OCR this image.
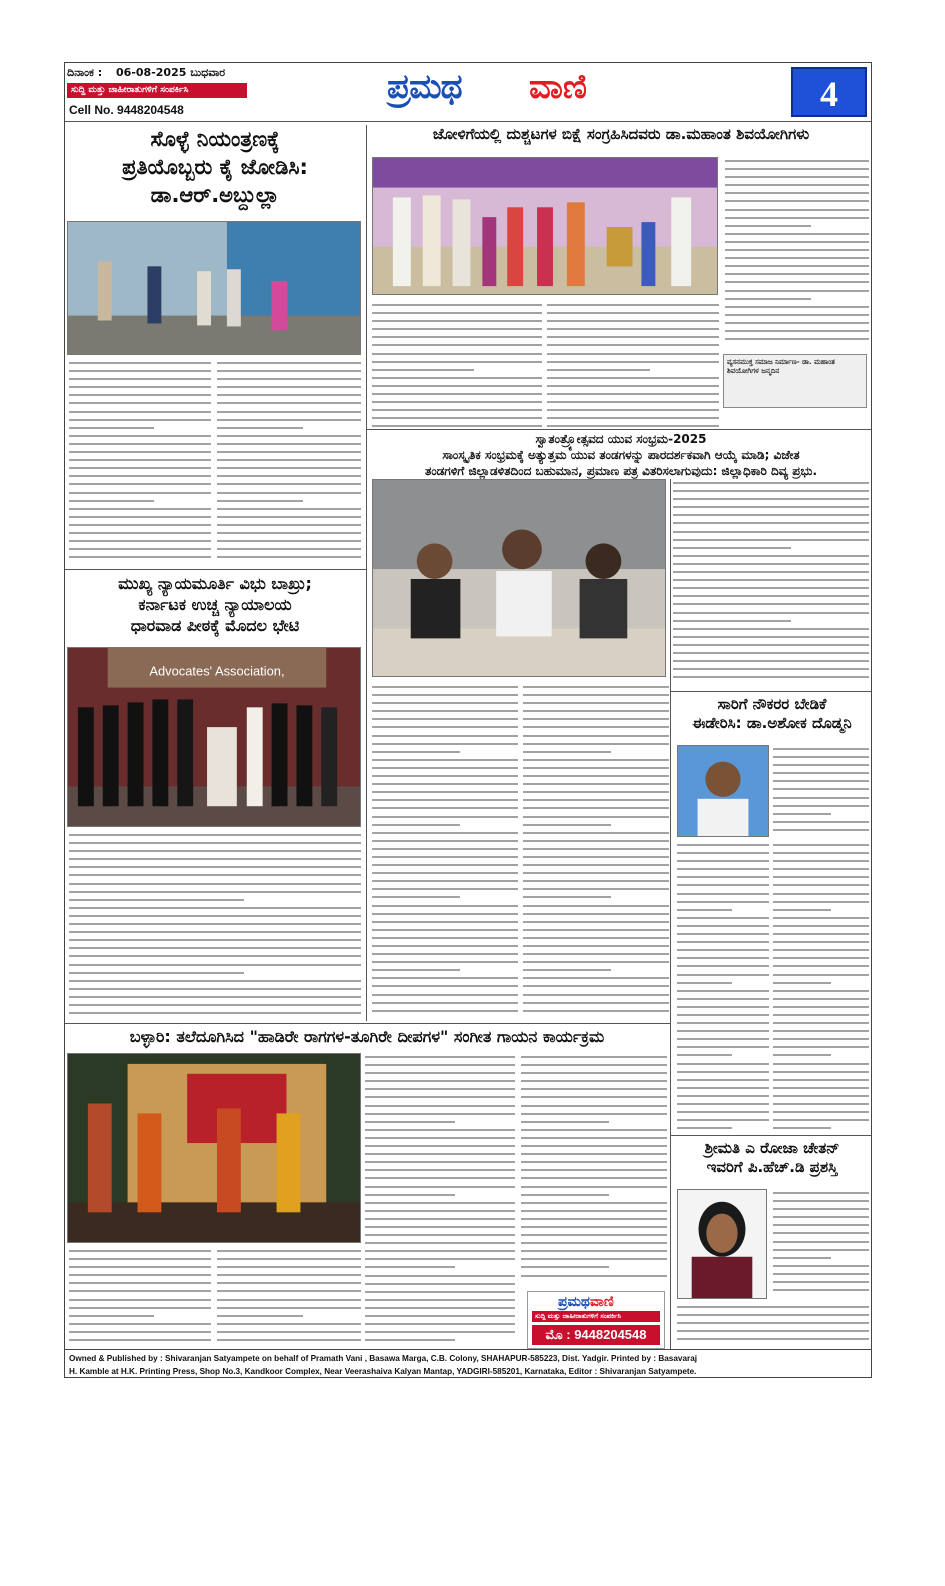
ದಿನಾಂಕ : 06-08-2025 ಬುಧವಾರ
ಸುದ್ದಿ ಮತ್ತು ಜಾಹೀರಾತುಗಳಿಗೆ ಸಂಪರ್ಕಿಸಿ
Cell No. 9448204548
ಪ್ರಮಥ ವಾಣಿ	4
ಸೊಳ್ಳೆ ನಿಯಂತ್ರಣಕ್ಕೆ
ಪ್ರತಿಯೊಬ್ಬರು ಕೈ ಜೋಡಿಸಿ:
ಡಾ.ಆರ್.ಅಬ್ದುಲ್ಲಾ
ಜೋಳಿಗೆಯಲ್ಲಿ ದುಶ್ಚಟಗಳ ಬಿಕ್ಷೆ ಸಂಗ್ರಹಿಸಿದವರು ಡಾ.ಮಹಾಂತ ಶಿವಯೋಗಿಗಳು
ವ್ಯಸನಮುಕ್ತ ಸಮಾಜ ನಿರ್ಮಾಣ- ಡಾ. ಮಹಾಂತ ಶಿವಯೋಗಿಗಳ ಜನ್ಮದಿನ
ಸ್ವಾತಂತ್ರ್ಯೋತ್ಸವದ ಯುವ ಸಂಭ್ರಮ-2025
ಸಾಂಸ್ಕೃತಿಕ ಸಂಭ್ರಮಕ್ಕೆ ಅತ್ಯುತ್ತಮ ಯುವ ತಂಡಗಳನ್ನು ಪಾರದರ್ಶಕವಾಗಿ ಆಯ್ಕೆ ಮಾಡಿ; ವಿಜೇತ
ತಂಡಗಳಿಗೆ ಜಿಲ್ಲಾಡಳಿತದಿಂದ ಬಹುಮಾನ, ಪ್ರಮಾಣ ಪತ್ರ ವಿತರಿಸಲಾಗುವುದು: ಜಿಲ್ಲಾಧಿಕಾರಿ ದಿವ್ಯ ಪ್ರಭು.
ಮುಖ್ಯ ನ್ಯಾಯಮೂರ್ತಿ ವಿಭು ಬಾಖ್ರು;
ಕರ್ನಾಟಕ ಉಚ್ಚ ನ್ಯಾಯಾಲಯ
ಧಾರವಾಡ ಪೀಠಕ್ಕೆ ಮೊದಲ ಭೇಟಿ
Advocates' Association,
ಸಾರಿಗೆ ನೌಕರರ ಬೇಡಿಕೆ
ಈಡೇರಿಸಿ: ಡಾ.ಅಶೋಕ ದೊಡ್ಮನಿ
ಬಳ್ಳಾರಿ: ತಲೆದೂಗಿಸಿದ "ಹಾಡಿರೇ ರಾಗಗಳ-ತೂಗಿರೇ ದೀಪಗಳ" ಸಂಗೀತ ಗಾಯನ ಕಾರ್ಯಕ್ರಮ
ಪ್ರಮಥವಾಣಿ
ಸುದ್ದಿ ಮತ್ತು ಜಾಹೀರಾತುಗಳಿಗೆ ಸಂಪರ್ಕಿಸಿ
ಮೊ : 9448204548
ಶ್ರೀಮತಿ ಎ ರೋಜಾ ಚೇತನ್
ಇವರಿಗೆ ಪಿ.ಹೆಚ್.ಡಿ ಪ್ರಶಸ್ತಿ
Owned & Published by : Shivaranjan Satyampete on behalf of Pramath Vani , Basawa Marga, C.B. Colony, SHAHAPUR-585223, Dist. Yadgir. Printed by : Basavaraj
H. Kamble at H.K. Printing Press, Shop No.3, Kandkoor Complex, Near Veerashaiva Kalyan Mantap, YADGIRI-585201, Karnataka, Editor : Shivaranjan Satyampete.
